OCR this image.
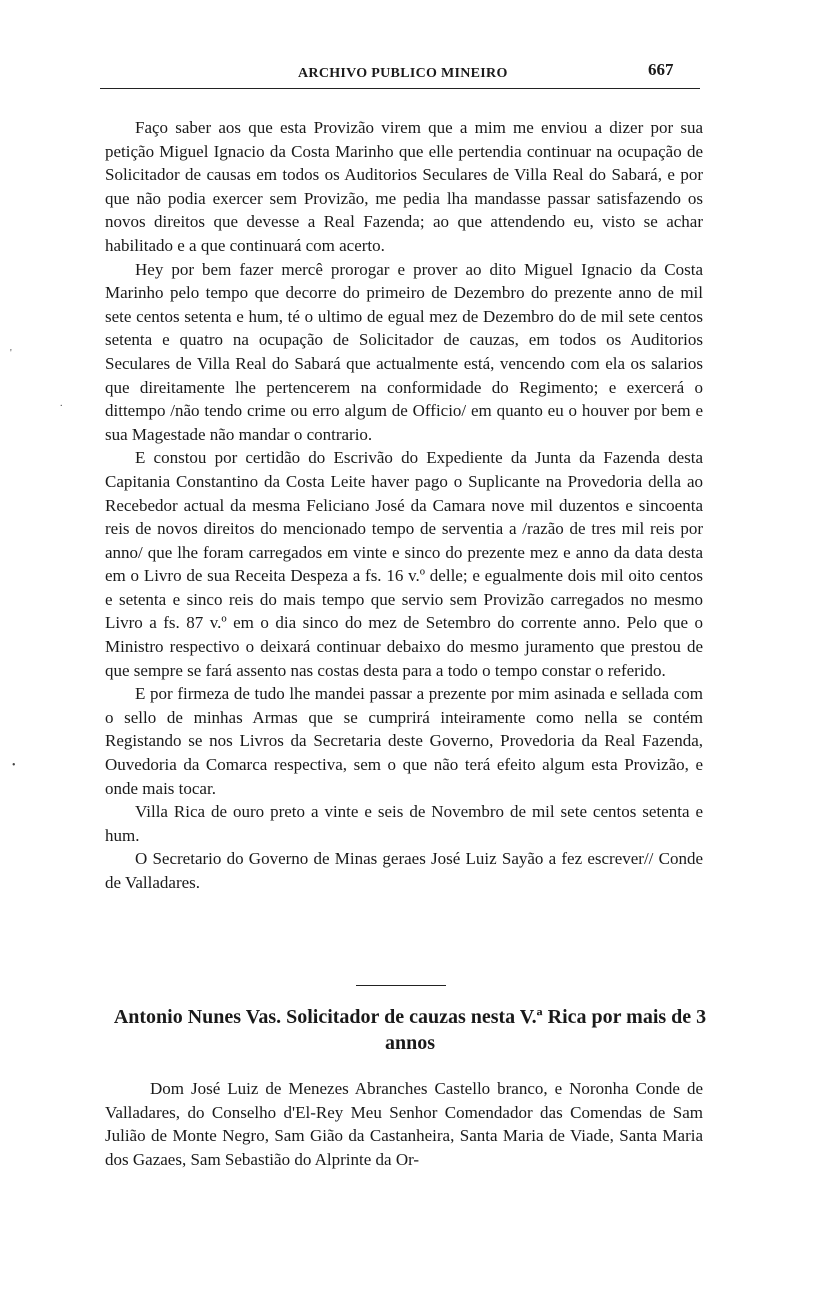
ARCHIVO PUBLICO MINEIRO	667

Faço saber aos que esta Provizão virem que a mim me enviou a dizer por sua petição Miguel Ignacio da Costa Marinho que elle pertendia continuar na ocupação de Solicitador de causas em todos os Auditorios Seculares de Villa Real do Sabará, e por que não podia exercer sem Provizão, me pedia lha mandasse passar satisfazendo os novos direitos que devesse a Real Fazenda; ao que attendendo eu, visto se achar habilitado e a que continuará com acerto.

Hey por bem fazer mercê prorogar e prover ao dito Miguel Ignacio da Costa Marinho pelo tempo que decorre do primeiro de Dezembro do prezente anno de mil sete centos setenta e hum, té o ultimo de egual mez de Dezembro do de mil sete centos setenta e quatro na ocupação de Solicitador de cauzas, em todos os Auditorios Seculares de Villa Real do Sabará que actualmente está, vencendo com ela os salarios que direitamente lhe pertencerem na conformidade do Regimento; e exercerá o dittempo /não tendo crime ou erro algum de Officio/ em quanto eu o houver por bem e sua Magestade não mandar o contrario.

E constou por certidão do Escrivão do Expediente da Junta da Fazenda desta Capitania Constantino da Costa Leite haver pago o Suplicante na Provedoria della ao Recebedor actual da mesma Feliciano José da Camara nove mil duzentos e sincoenta reis de novos direitos do mencionado tempo de serventia a /razão de tres mil reis por anno/ que lhe foram carregados em vinte e sinco do prezente mez e anno da data desta em o Livro de sua Receita Despeza a fs. 16 v.º delle; e egualmente dois mil oito centos e setenta e sinco reis do mais tempo que servio sem Provizão carregados no mesmo Livro a fs. 87 v.º em o dia sinco do mez de Setembro do corrente anno. Pelo que o Ministro respectivo o deixará continuar debaixo do mesmo juramento que prestou de que sempre se fará assento nas costas desta para a todo o tempo constar o referido.

E por firmeza de tudo lhe mandei passar a prezente por mim asinada e sellada com o sello de minhas Armas que se cumprirá inteiramente como nella se contém Registando se nos Livros da Secretaria deste Governo, Provedoria da Real Fazenda, Ouvedoria da Comarca respectiva, sem o que não terá efeito algum esta Provizão, e onde mais tocar.

Villa Rica de ouro preto a vinte e seis de Novembro de mil sete centos setenta e hum.

O Secretario do Governo de Minas geraes José Luiz Sayão a fez escrever// Conde de Valladares.

Antonio Nunes Vas. Solicitador de cauzas nesta V.ª Rica por mais de 3 annos

Dom José Luiz de Menezes Abranches Castello branco, e Noronha Conde de Valladares, do Conselho d'El-Rey Meu Senhor Comendador das Comendas de Sam Julião de Monte Negro, Sam Gião da Castanheira, Santa Maria de Viade, Santa Maria dos Gazaes, Sam Sebastião do Alprinte da Or-

'
.
•
